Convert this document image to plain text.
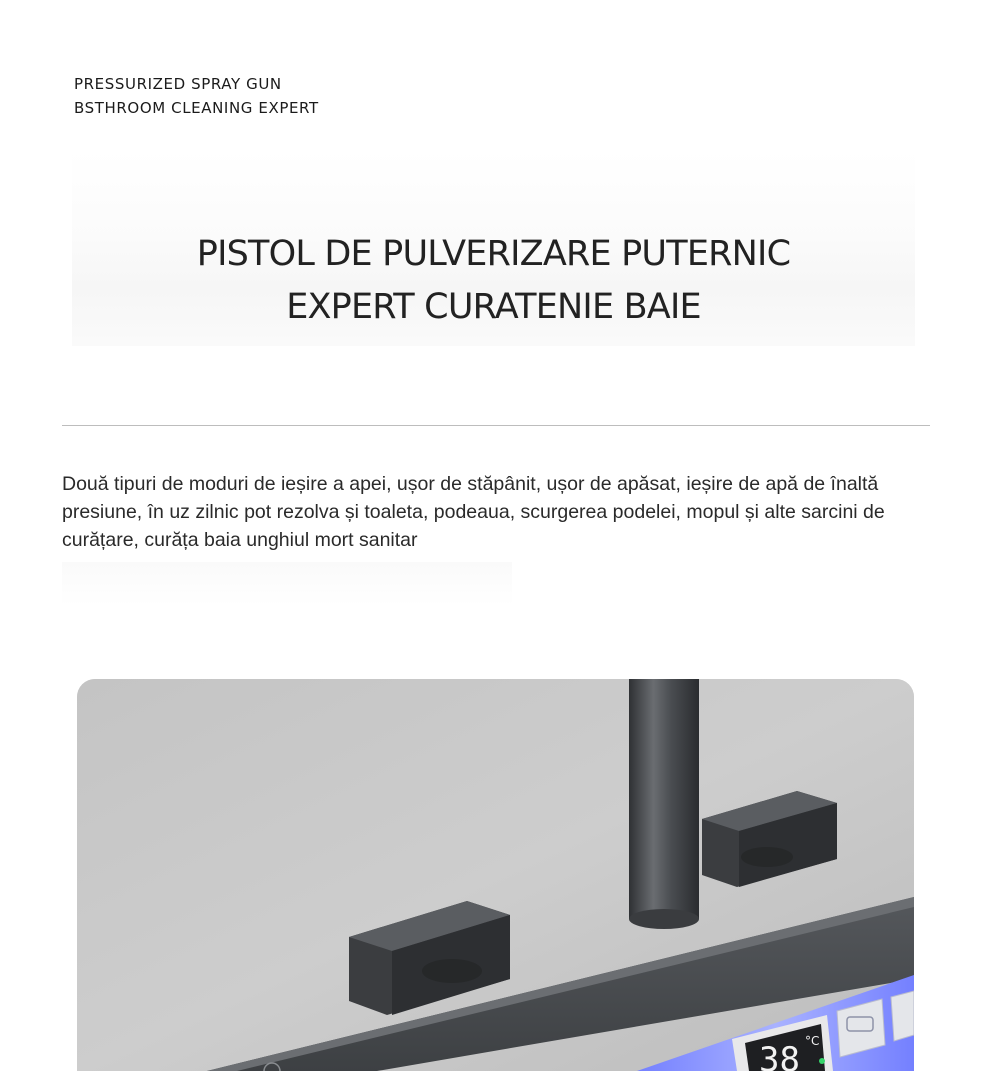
PRESSURIZED SPRAY GUN
BSTHROOM CLEANING EXPERT
PISTOL DE PULVERIZARE PUTERNIC
EXPERT CURATENIE BAIE
Două tipuri de moduri de ieșire a apei, ușor de stăpânit, ușor de apăsat, ieșire de apă de înaltă presiune, în uz zilnic pot rezolva și toaleta, podeaua, scurgerea podelei, mopul și alte sarcini de curățare, curăța baia unghiul mort sanitar
38 °C
